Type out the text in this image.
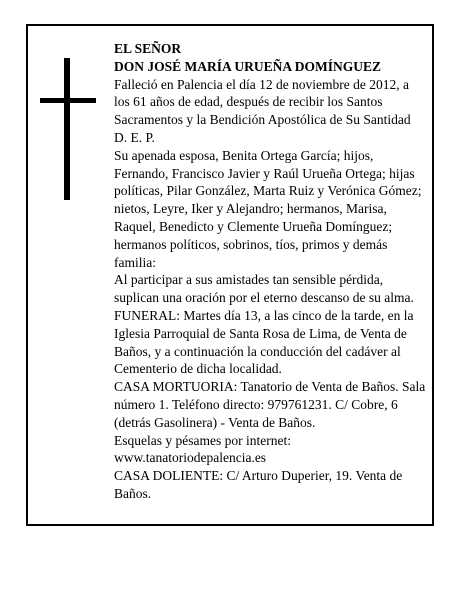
EL SEÑOR

DON JOSÉ MARÍA URUEÑA DOMÍNGUEZ

Falleció en Palencia el día 12 de noviembre de 2012, a los 61 años de edad, después de recibir los Santos Sacramentos y la Bendición Apostólica de Su Santidad D. E. P.

Su apenada esposa, Benita Ortega García; hijos, Fernando, Francisco Javier y Raúl Urueña Ortega; hijas políticas, Pilar González, Marta Ruiz y Verónica Gómez; nietos, Leyre, Iker y Alejandro; hermanos, Marisa, Raquel, Benedicto y Clemente Urueña Domínguez; hermanos políticos, sobrinos, tíos, primos y demás familia:

Al participar a sus amistades tan sensible pérdida, suplican una oración por el eterno descanso de su alma.

FUNERAL: Martes día 13, a las cinco de la tarde, en la Iglesia Parroquial de Santa Rosa de Lima, de Venta de Baños, y a continuación la conducción del cadáver al Cementerio de dicha localidad.

CASA MORTUORIA: Tanatorio de Venta de Baños. Sala número 1. Teléfono directo: 979761231. C/ Cobre, 6 (detrás Gasolinera) - Venta de Baños.

Esquelas y pésames por internet: www.tanatoriodepalencia.es

CASA DOLIENTE: C/ Arturo Duperier, 19. Venta de Baños.
